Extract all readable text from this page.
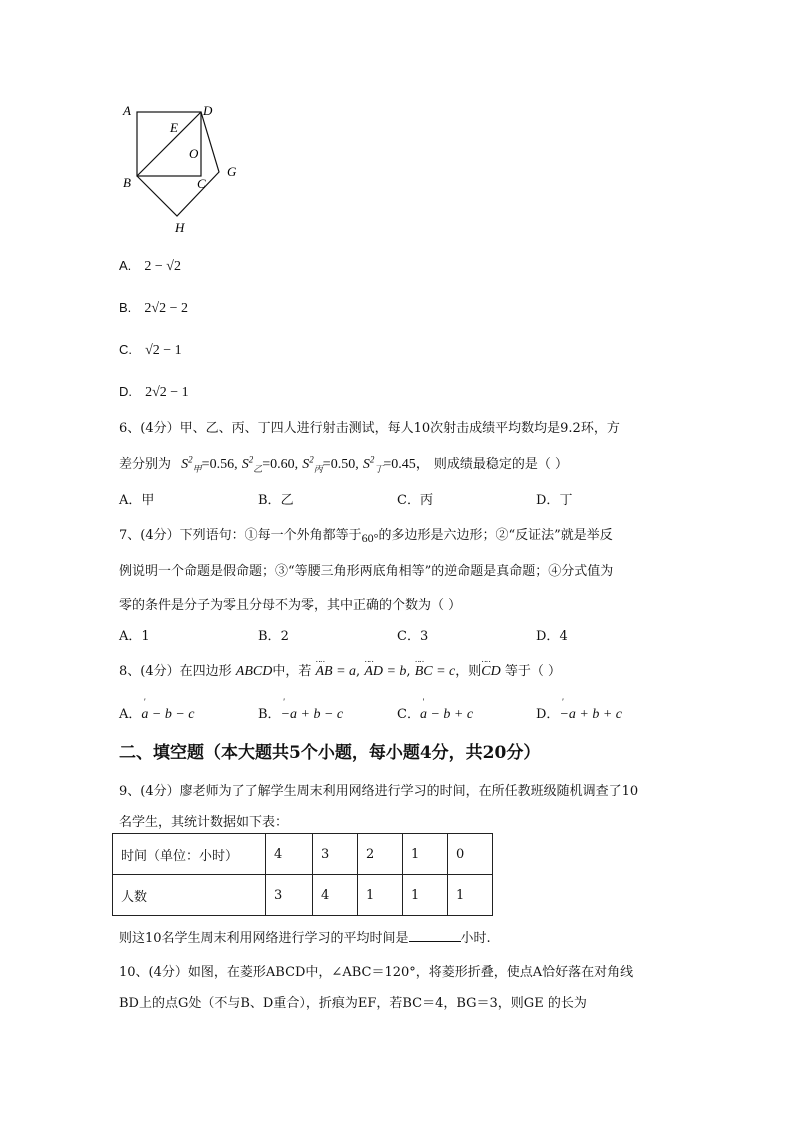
A	D
E
O
G
B	C
H
A. 2 − √2
B. 2√2 − 2
C. √2 − 1
D. 2√2 − 1
6、(4分）甲、乙、丙、丁四人进行射击测试，每人10次射击成绩平均数均是9.2环，方
差分别为 $S^2_甲=0.56$, $S^2_乙=0.60$, $S^2_丙=0.50$, $S^2_丁=0.45$， 则成绩最稳定的是（ ）
A．甲	B．乙	C．丙	D．丁
7、(4分）下列语句：①每一个外角都等于60°的多边形是六边形；②“反证法”就是举反
例说明一个命题是假命题；③“等腰三角形两底角相等”的逆命题是真命题；④分式值为
零的条件是分子为零且分母不为零，其中正确的个数为（ ）
A．1	B．2	C．3	D．4
8、(4分）在四边形 ABCD中，若 ‥‥ AB = a, ‥‥ AD = b, ‥‥ BC = c，则‥‥ CD 等于（ ）
A．' a − b − c	B．' −a + b − c	C．' a − b + c	D．' −a + b + c
二、填空题（本大题共5个小题，每小题4分，共20分）
9、(4分）廖老师为了了解学生周末利用网络进行学习的时间，在所任教班级随机调查了10
名学生，其统计数据如下表：
时间（单位：小时）	4	3	2	1	0
人数	3	4	1	1	1
则这10名学生周末利用网络进行学习的平均时间是	小时.
10、(4分）如图，在菱形ABCD中，∠ABC＝120°，将菱形折叠，使点A恰好落在对角线
BD上的点G处（不与B、D重合），折痕为EF，若BC＝4，BG＝3，则GE 的长为
